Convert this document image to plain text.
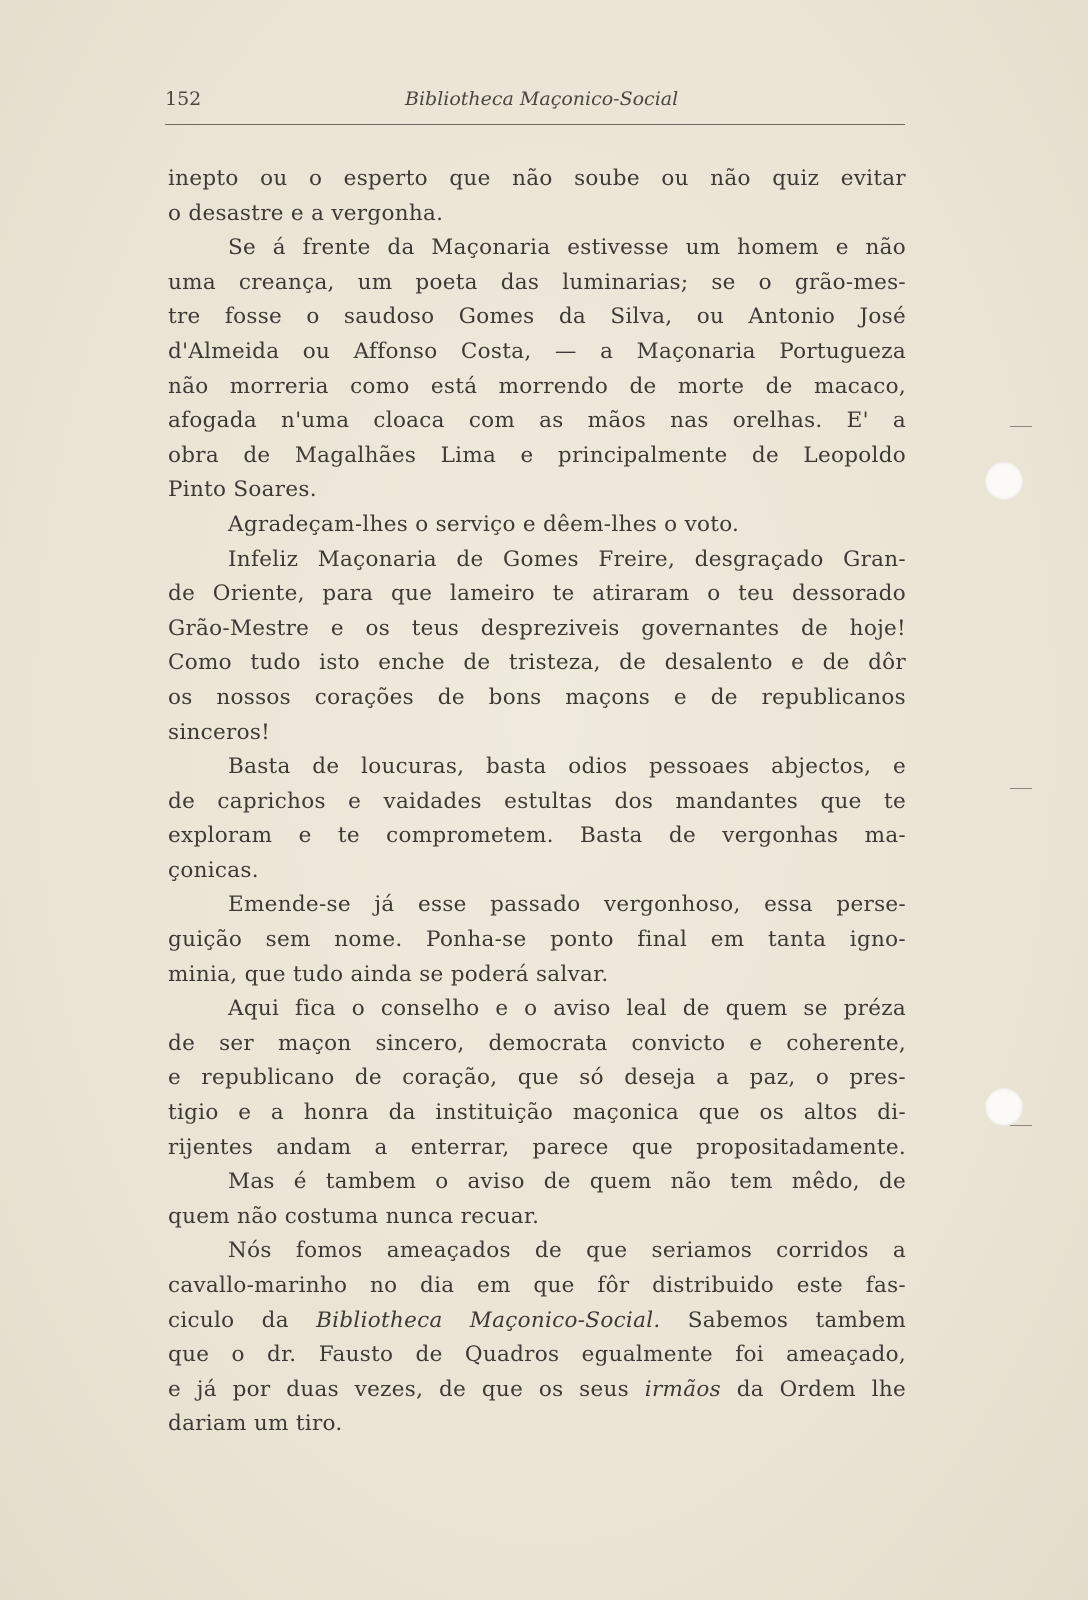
152	Bibliotheca Maçonico-Social
inepto ou o esperto que não soube ou não quiz evitar
o desastre e a vergonha.
Se á frente da Maçonaria estivesse um homem e não
uma creança, um poeta das luminarias; se o grão-mes-
tre fosse o saudoso Gomes da Silva, ou Antonio José
d'Almeida ou Affonso Costa, — a Maçonaria Portugueza
não morreria como está morrendo de morte de macaco,
afogada n'uma cloaca com as mãos nas orelhas. E' a
obra de Magalhães Lima e principalmente de Leopoldo
Pinto Soares.
Agradeçam-lhes o serviço e dêem-lhes o voto.
Infeliz Maçonaria de Gomes Freire, desgraçado Gran-
de Oriente, para que lameiro te atiraram o teu dessorado
Grão-Mestre e os teus despreziveis governantes de hoje!
Como tudo isto enche de tristeza, de desalento e de dôr
os nossos corações de bons maçons e de republicanos
sinceros!
Basta de loucuras, basta odios pessoaes abjectos, e
de caprichos e vaidades estultas dos mandantes que te
exploram e te comprometem. Basta de vergonhas ma-
çonicas.
Emende-se já esse passado vergonhoso, essa perse-
guição sem nome. Ponha-se ponto final em tanta igno-
minia, que tudo ainda se poderá salvar.
Aqui fica o conselho e o aviso leal de quem se préza
de ser maçon sincero, democrata convicto e coherente,
e republicano de coração, que só deseja a paz, o pres-
tigio e a honra da instituição maçonica que os altos di-
rijentes andam a enterrar, parece que propositadamente.
Mas é tambem o aviso de quem não tem mêdo, de
quem não costuma nunca recuar.
Nós fomos ameaçados de que seriamos corridos a
cavallo-marinho no dia em que fôr distribuido este fas-
ciculo da Bibliotheca Maçonico-Social. Sabemos tambem
que o dr. Fausto de Quadros egualmente foi ameaçado,
e já por duas vezes, de que os seus irmãos da Ordem lhe
dariam um tiro.
